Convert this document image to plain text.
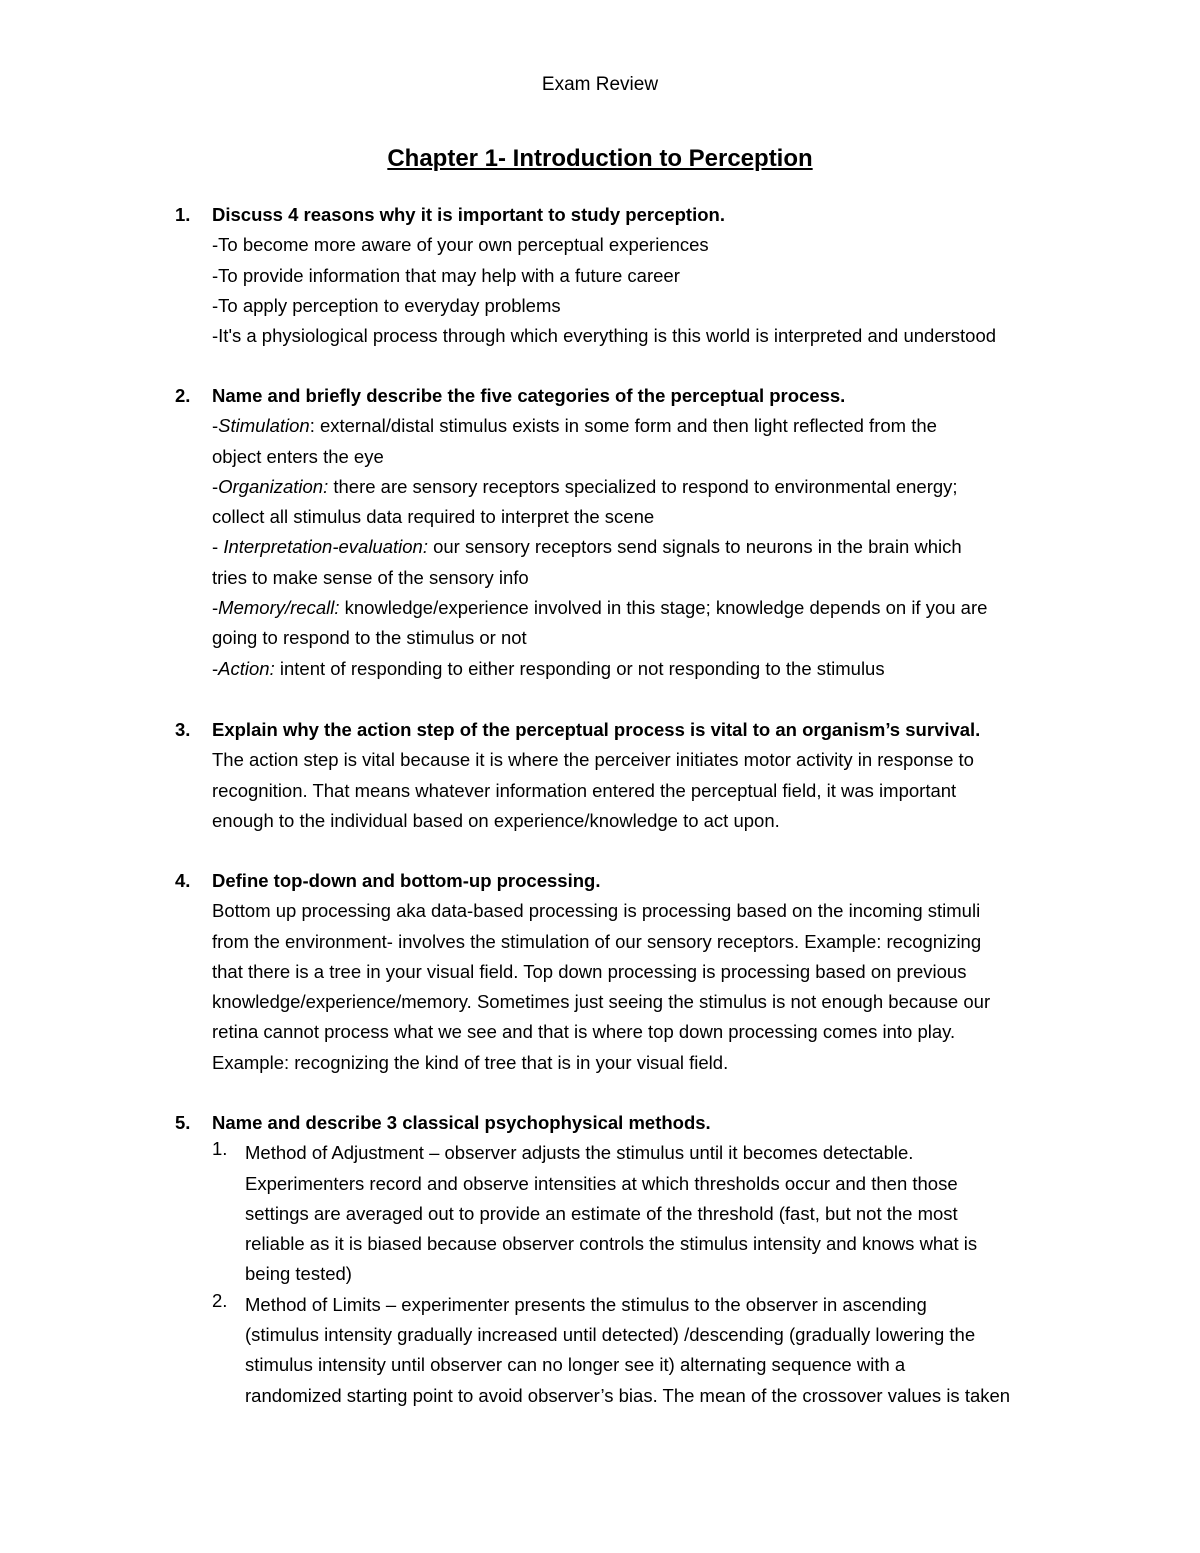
Exam Review
Chapter 1- Introduction to Perception
1. Discuss 4 reasons why it is important to study perception.
-To become more aware of your own perceptual experiences
-To provide information that may help with a future career
-To apply perception to everyday problems
-It's a physiological process through which everything is this world is interpreted and understood
2. Name and briefly describe the five categories of the perceptual process.
-Stimulation: external/distal stimulus exists in some form and then light reflected from the
object enters the eye
-Organization: there are sensory receptors specialized to respond to environmental energy;
collect all stimulus data required to interpret the scene
- Interpretation-evaluation: our sensory receptors send signals to neurons in the brain which
tries to make sense of the sensory info
-Memory/recall: knowledge/experience involved in this stage; knowledge depends on if you are
going to respond to the stimulus or not
-Action: intent of responding to either responding or not responding to the stimulus
3. Explain why the action step of the perceptual process is vital to an organism’s survival.
The action step is vital because it is where the perceiver initiates motor activity in response to
recognition. That means whatever information entered the perceptual field, it was important
enough to the individual based on experience/knowledge to act upon.
4. Define top-down and bottom-up processing.
Bottom up processing aka data-based processing is processing based on the incoming stimuli
from the environment- involves the stimulation of our sensory receptors. Example: recognizing
that there is a tree in your visual field. Top down processing is processing based on previous
knowledge/experience/memory. Sometimes just seeing the stimulus is not enough because our
retina cannot process what we see and that is where top down processing comes into play.
Example: recognizing the kind of tree that is in your visual field.
5. Name and describe 3 classical psychophysical methods.
1. Method of Adjustment – observer adjusts the stimulus until it becomes detectable.
Experimenters record and observe intensities at which thresholds occur and then those
settings are averaged out to provide an estimate of the threshold (fast, but not the most
reliable as it is biased because observer controls the stimulus intensity and knows what is
being tested)
2. Method of Limits – experimenter presents the stimulus to the observer in ascending
(stimulus intensity gradually increased until detected) /descending (gradually lowering the
stimulus intensity until observer can no longer see it) alternating sequence with a
randomized starting point to avoid observer’s bias. The mean of the crossover values is taken
